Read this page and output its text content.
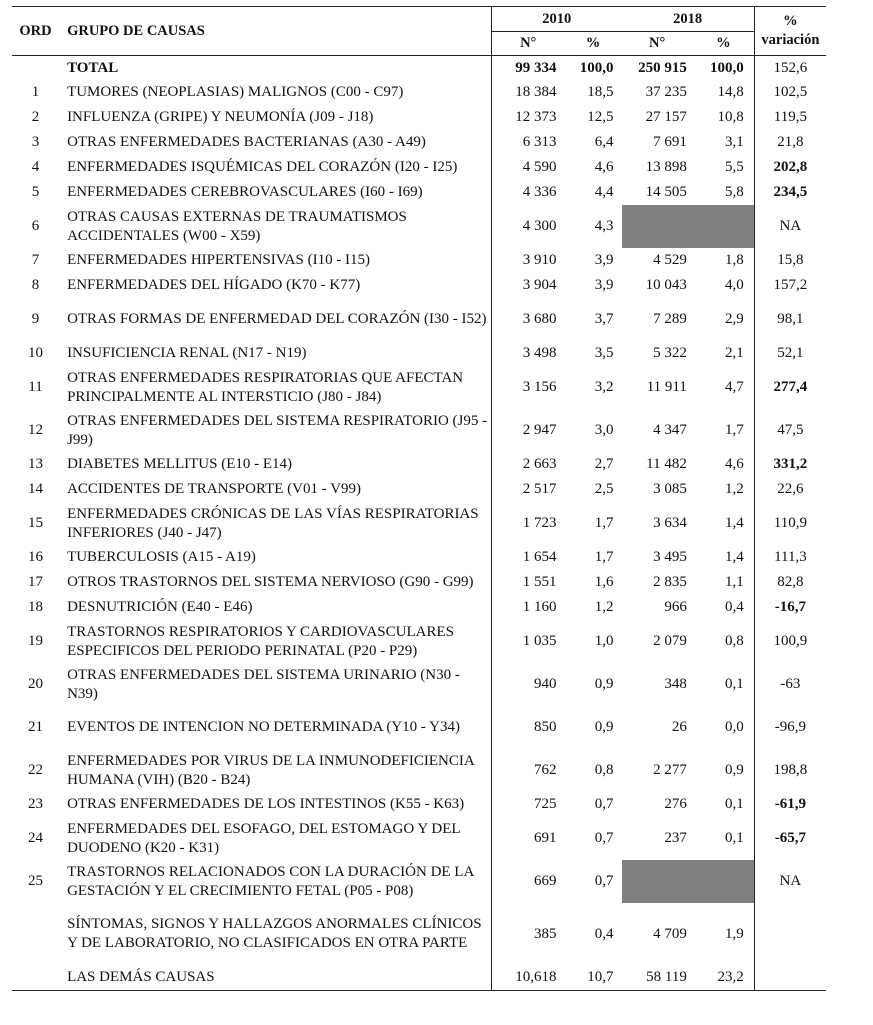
ORD	GRUPO DE CAUSAS	2010		2018		%
variación

		N°	%	N°	%	
	TOTAL	99 334	100,0	250 915	100,0	152,6
1	TUMORES (NEOPLASIAS) MALIGNOS (C00 - C97)	18 384	18,5	37 235	14,8	102,5
2	INFLUENZA (GRIPE) Y NEUMONÍA (J09 - J18)	12 373	12,5	27 157	10,8	119,5
3	OTRAS ENFERMEDADES BACTERIANAS (A30 - A49)	6 313	6,4	7 691	3,1	21,8
4	ENFERMEDADES ISQUÉMICAS DEL CORAZÓN (I20 - I25)	4 590	4,6	13 898	5,5	202,8
5	ENFERMEDADES CEREBROVASCULARES (I60 - I69)	4 336	4,4	14 505	5,8	234,5
6	OTRAS CAUSAS EXTERNAS DE TRAUMATISMOS ACCIDENTALES (W00 - X59)	4 300	4,3			NA
7	ENFERMEDADES HIPERTENSIVAS (I10 - I15)	3 910	3,9	4 529	1,8	15,8
8	ENFERMEDADES DEL HÍGADO (K70 - K77)	3 904	3,9	10 043	4,0	157,2
9	OTRAS FORMAS DE ENFERMEDAD DEL CORAZÓN (I30 - I52)	3 680	3,7	7 289	2,9	98,1
10	INSUFICIENCIA RENAL (N17 - N19)	3 498	3,5	5 322	2,1	52,1
11	OTRAS ENFERMEDADES RESPIRATORIAS QUE AFECTAN PRINCIPALMENTE AL INTERSTICIO (J80 - J84)	3 156	3,2	11 911	4,7	277,4
12	OTRAS ENFERMEDADES DEL SISTEMA RESPIRATORIO (J95 - J99)	2 947	3,0	4 347	1,7	47,5
13	DIABETES MELLITUS (E10 - E14)	2 663	2,7	11 482	4,6	331,2
14	ACCIDENTES DE TRANSPORTE (V01 - V99)	2 517	2,5	3 085	1,2	22,6
15	ENFERMEDADES CRÓNICAS DE LAS VÍAS RESPIRATORIAS INFERIORES (J40 - J47)	1 723	1,7	3 634	1,4	110,9
16	TUBERCULOSIS (A15 - A19)	1 654	1,7	3 495	1,4	111,3
17	OTROS TRASTORNOS DEL SISTEMA NERVIOSO (G90 - G99)	1 551	1,6	2 835	1,1	82,8
18	DESNUTRICIÓN (E40 - E46)	1 160	1,2	966	0,4	-16,7
19	TRASTORNOS RESPIRATORIOS Y CARDIOVASCULARES ESPECIFICOS DEL PERIODO PERINATAL (P20 - P29)	1 035	1,0	2 079	0,8	100,9
20	OTRAS ENFERMEDADES DEL SISTEMA URINARIO (N30 - N39)	940	0,9	348	0,1	-63
21	EVENTOS DE INTENCION NO DETERMINADA (Y10 - Y34)	850	0,9	26	0,0	-96,9
22	ENFERMEDADES POR VIRUS DE LA INMUNODEFICIENCIA HUMANA (VIH) (B20 - B24)	762	0,8	2 277	0,9	198,8
23	OTRAS ENFERMEDADES DE LOS INTESTINOS (K55 - K63)	725	0,7	276	0,1	-61,9
24	ENFERMEDADES DEL ESOFAGO, DEL ESTOMAGO Y DEL DUODENO (K20 - K31)	691	0,7	237	0,1	-65,7
25	TRASTORNOS RELACIONADOS CON LA DURACIÓN DE LA GESTACIÓN Y EL CRECIMIENTO FETAL (P05 - P08)	669	0,7			NA
	SÍNTOMAS, SIGNOS Y HALLAZGOS ANORMALES CLÍNICOS Y DE LABORATORIO, NO CLASIFICADOS EN OTRA PARTE	385	0,4	4 709	1,9	
	LAS DEMÁS CAUSAS	10,618	10,7	58 119	23,2	
